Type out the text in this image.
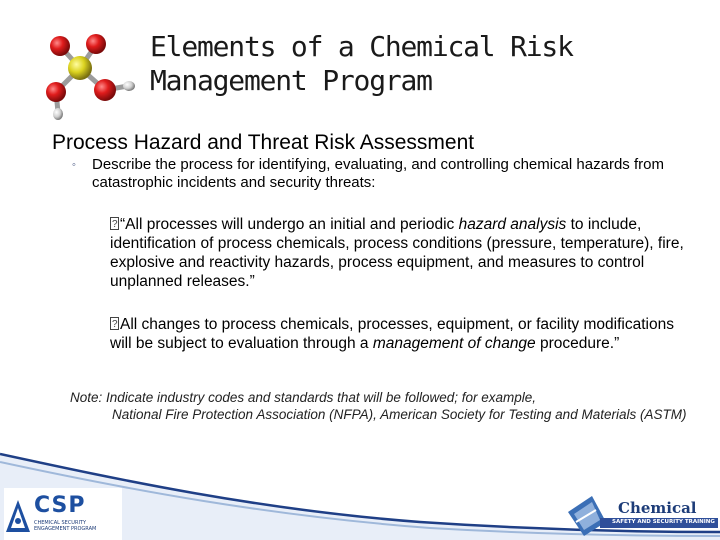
Elements of a Chemical Risk
Management Program
Process Hazard and Threat Risk Assessment
◦ Describe the process for identifying, evaluating, and controlling chemical hazards from catastrophic incidents and security threats:
?“All processes will undergo an initial and periodic hazard analysis to include, identification of process chemicals, process conditions (pressure, temperature), fire, explosive and reactivity hazards, process equipment, and measures to control unplanned releases.”
?All changes to process chemicals, processes, equipment, or facility modifications will be subject to evaluation through a management of change procedure.”
Note: Indicate industry codes and standards that will be followed; for example,
National Fire Protection Association (NFPA), American Society for Testing and Materials (ASTM)
CSP
CHEMICAL SECURITY ENGAGEMENT PROGRAM
Chemical
SAFETY AND SECURITY TRAINING
